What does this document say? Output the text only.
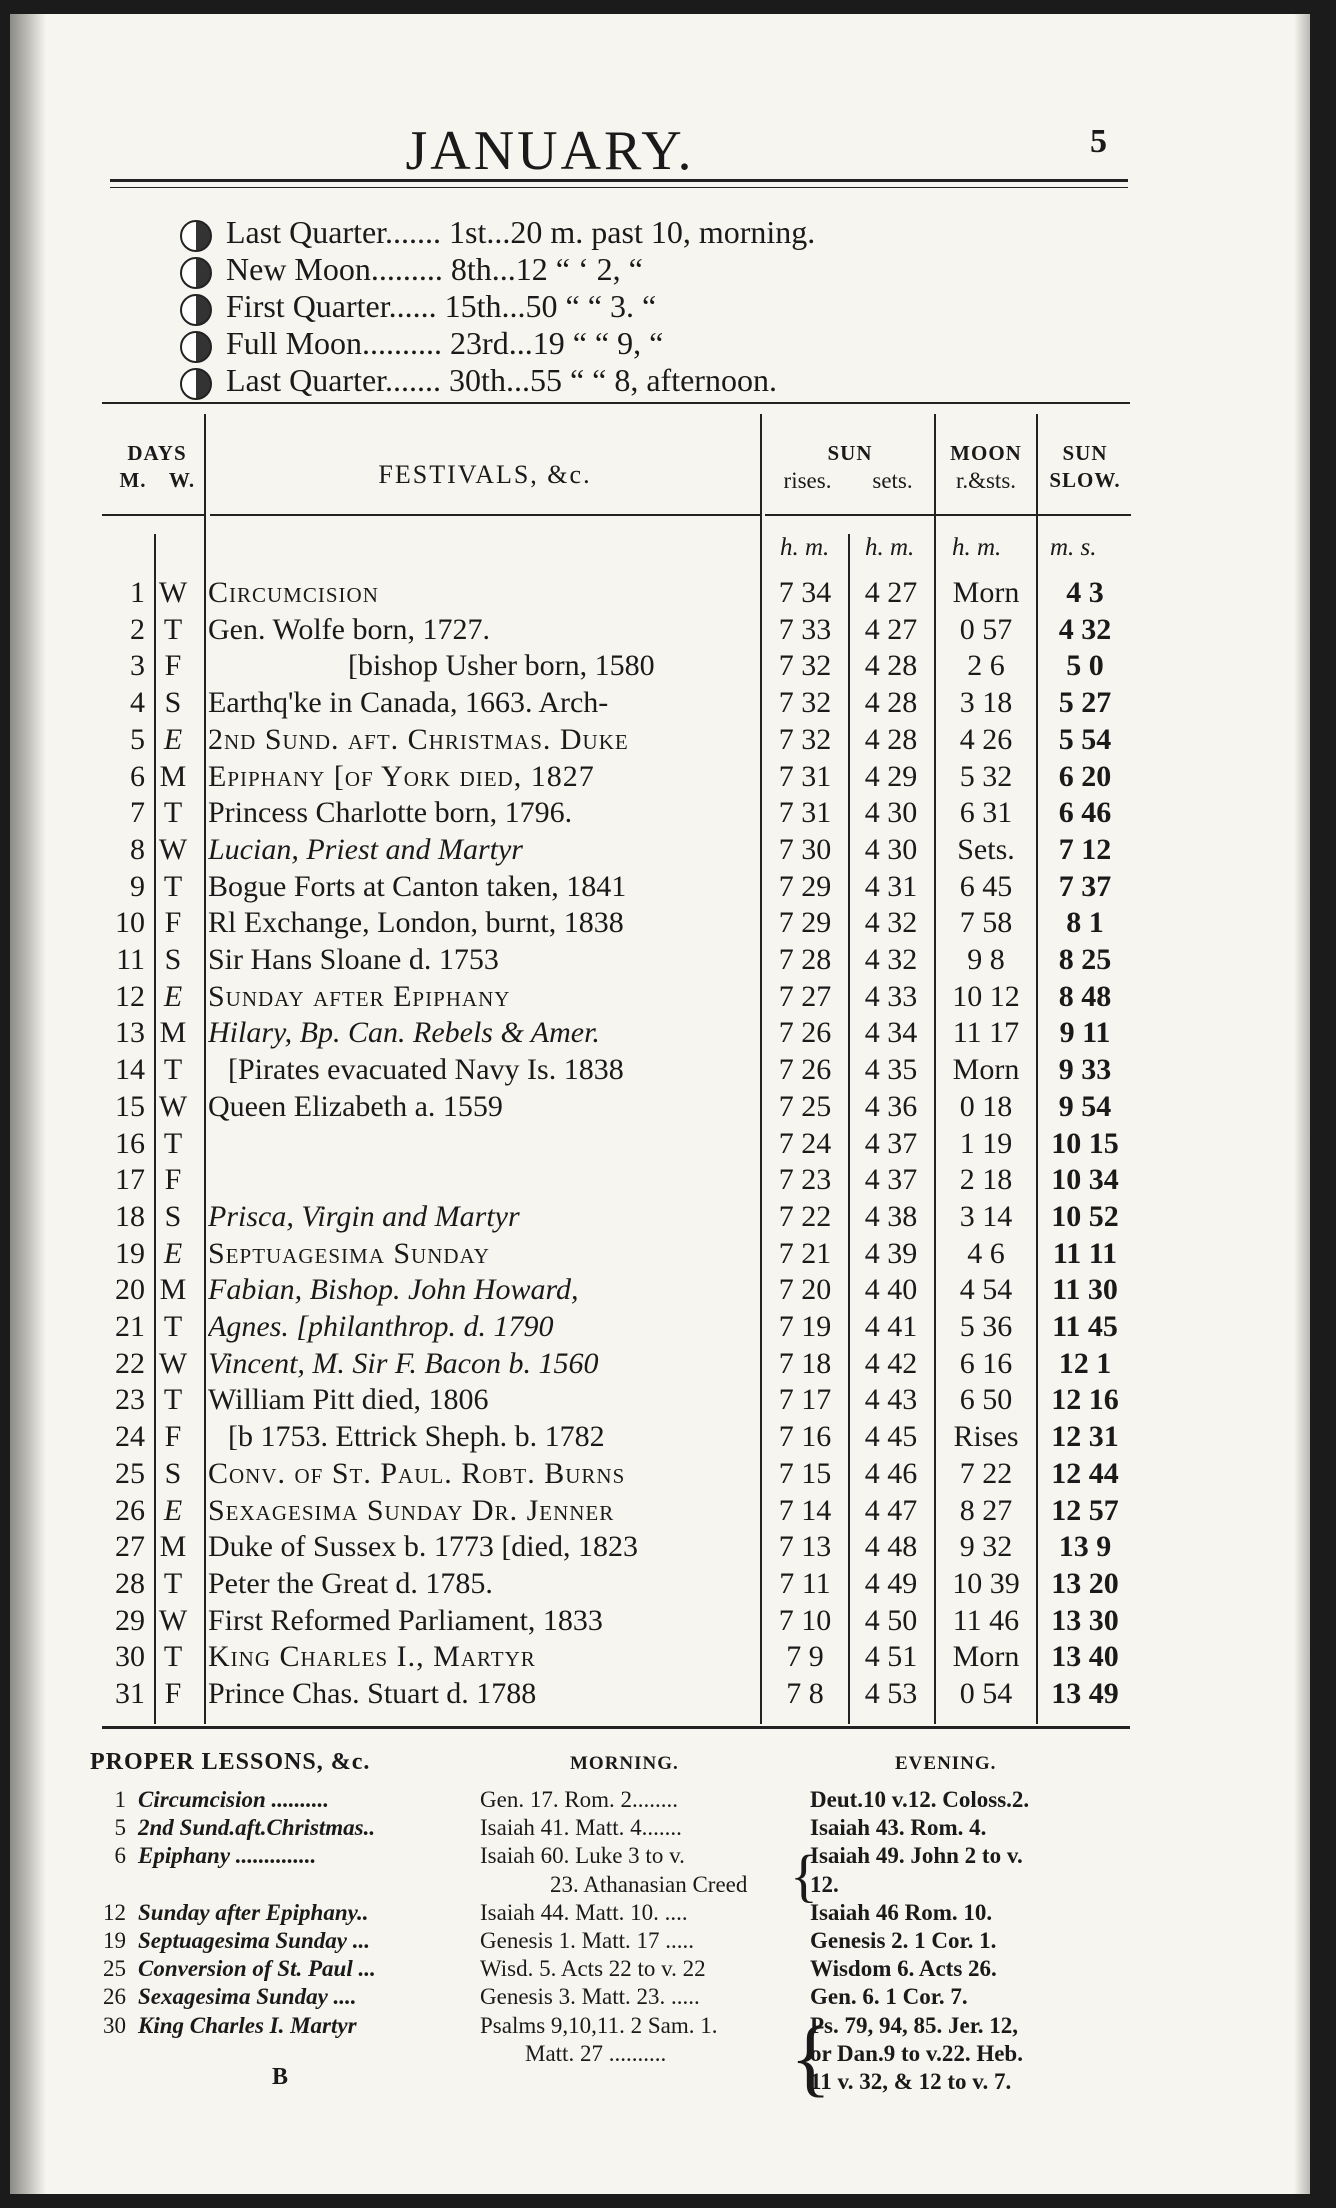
JANUARY.	5
Last Quarter....... 1st...20 m. past 10, morning.
New Moon......... 8th...12 “ ‘ 2, “
First Quarter...... 15th...50 “ “ 3. “
Full Moon.......... 23rd...19 “ “ 9, “
Last Quarter....... 30th...55 “ “ 8, afternoon.
DAYS
M.	W.	FESTIVALS, &c.
SUN
rises.	sets.
MOON
r.&sts.
SUN
SLOW.
h. m. h. m. h. m. m. s.
1 W Circumcision	7 34	4 27	Morn	4 3
2 T Gen. Wolfe born, 1727.	7 33	4 27	0 57	4 32
3 F	[bishop Usher born, 1580	7 32	4 28	2 6	5 0
4 S Earthq'ke in Canada, 1663. Arch-	7 32	4 28	3 18	5 27
5 E 2nd Sund. aft. Christmas. Duke	7 32	4 28	4 26	5 54
6 M Epiphany [of York died, 1827	7 31	4 29	5 32	6 20
7 T Princess Charlotte born, 1796.	7 31	4 30	6 31	6 46
8 W Lucian, Priest and Martyr	7 30	4 30	Sets.	7 12
9 T Bogue Forts at Canton taken, 1841	7 29	4 31	6 45	7 37
10 F Rl Exchange, London, burnt, 1838	7 29	4 32	7 58	8 1
11 S Sir Hans Sloane d. 1753	7 28	4 32	9 8	8 25
12 E Sunday after Epiphany	7 27	4 33	10 12	8 48
13 M Hilary, Bp. Can. Rebels & Amer.	7 26	4 34	11 17	9 11
14 T	[Pirates evacuated Navy Is. 1838	7 26	4 35	Morn	9 33
15 W Queen Elizabeth a. 1559	7 25	4 36	0 18	9 54
16 T	7 24	4 37	1 19	10 15
17 F	7 23	4 37	2 18	10 34
18 S Prisca, Virgin and Martyr	7 22	4 38	3 14	10 52
19 E Septuagesima Sunday	7 21	4 39	4 6	11 11
20 M Fabian, Bishop. John Howard,	7 20	4 40	4 54	11 30
21 T Agnes. [philanthrop. d. 1790	7 19	4 41	5 36	11 45
22 W Vincent, M. Sir F. Bacon b. 1560	7 18	4 42	6 16	12 1
23 T William Pitt died, 1806	7 17	4 43	6 50	12 16
24 F	[b 1753. Ettrick Sheph. b. 1782	7 16	4 45	Rises	12 31
25 S Conv. of St. Paul. Robt. Burns	7 15	4 46	7 22	12 44
26 E Sexagesima Sunday Dr. Jenner	7 14	4 47	8 27	12 57
27 M Duke of Sussex b. 1773 [died, 1823	7 13	4 48	9 32	13 9
28 T Peter the Great d. 1785.	7 11	4 49	10 39	13 20
29 W First Reformed Parliament, 1833	7 10	4 50	11 46	13 30
30 T King Charles I., Martyr	7 9	4 51	Morn	13 40
31 F Prince Chas. Stuart d. 1788	7 8	4 53	0 54	13 49
PROPER LESSONS, &c.	MORNING.	EVENING.
1 Circumcision ..........	Gen. 17. Rom. 2........	Deut.10 v.12. Coloss.2.
5 2nd Sund.aft.Christmas..	Isaiah 41. Matt. 4.......	Isaiah 43. Rom. 4.
6 Epiphany ..............	Isaiah 60. Luke 3 to v.	Isaiah 49. John 2 to v.
23. Athanasian Creed	12.
12 Sunday after Epiphany..	Isaiah 44. Matt. 10. ....	Isaiah 46 Rom. 10.
19 Septuagesima Sunday ...	Genesis 1. Matt. 17 .....	Genesis 2. 1 Cor. 1.
25 Conversion of St. Paul ...	Wisd. 5. Acts 22 to v. 22	Wisdom 6. Acts 26.
26 Sexagesima Sunday ....	Genesis 3. Matt. 23. .....	Gen. 6. 1 Cor. 7.
30 King Charles I. Martyr	Psalms 9,10,11. 2 Sam. 1.	Ps. 79, 94, 85. Jer. 12,
Matt. 27 ..........	or Dan.9 to v.22. Heb.
11 v. 32, & 12 to v. 7.
{
{
B
